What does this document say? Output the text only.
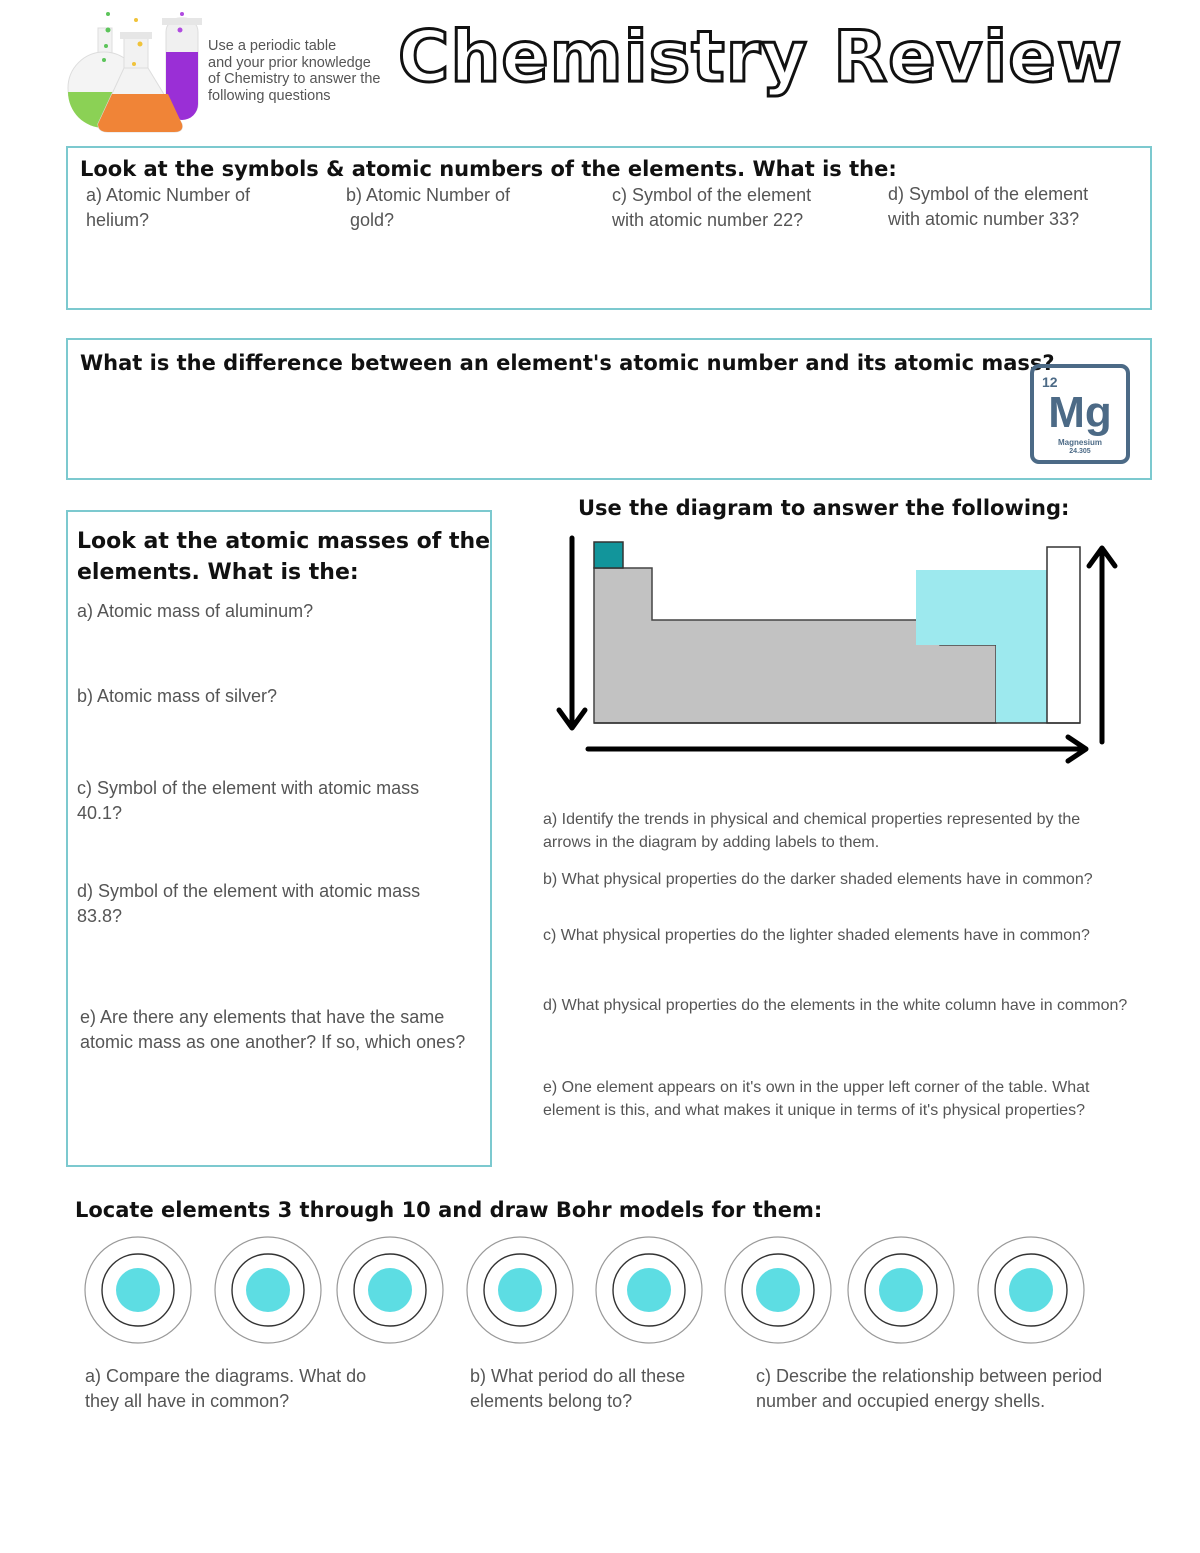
Use a periodic table
and your prior knowledge
of Chemistry to answer the
following questions Chemistry Review
Look at the symbols & atomic numbers of the elements. What is the:
a) Atomic Number of
helium?
b) Atomic Number of
gold?
c) Symbol of the element
with atomic number 22?
d) Symbol of the element
with atomic number 33?
What is the difference between an element's atomic number and its atomic mass?
12
Mg
Magnesium
24.305
Look at the atomic masses of the
elements. What is the:
a) Atomic mass of aluminum?
b) Atomic mass of silver?
c) Symbol of the element with atomic mass
40.1?
d) Symbol of the element with atomic mass
83.8?
e) Are there any elements that have the same
atomic mass as one another? If so, which ones?
Use the diagram to answer the following:
a) Identify the trends in physical and chemical properties represented by the
arrows in the diagram by adding labels to them.
b) What physical properties do the darker shaded elements have in common?
c) What physical properties do the lighter shaded elements have in common?
d) What physical properties do the elements in the white column have in common?
e) One element appears on it's own in the upper left corner of the table. What
element is this, and what makes it unique in terms of it's physical properties?
Locate elements 3 through 10 and draw Bohr models for them:
a) Compare the diagrams. What do
they all have in common?
b) What period do all these
elements belong to?
c) Describe the relationship between period
number and occupied energy shells.
